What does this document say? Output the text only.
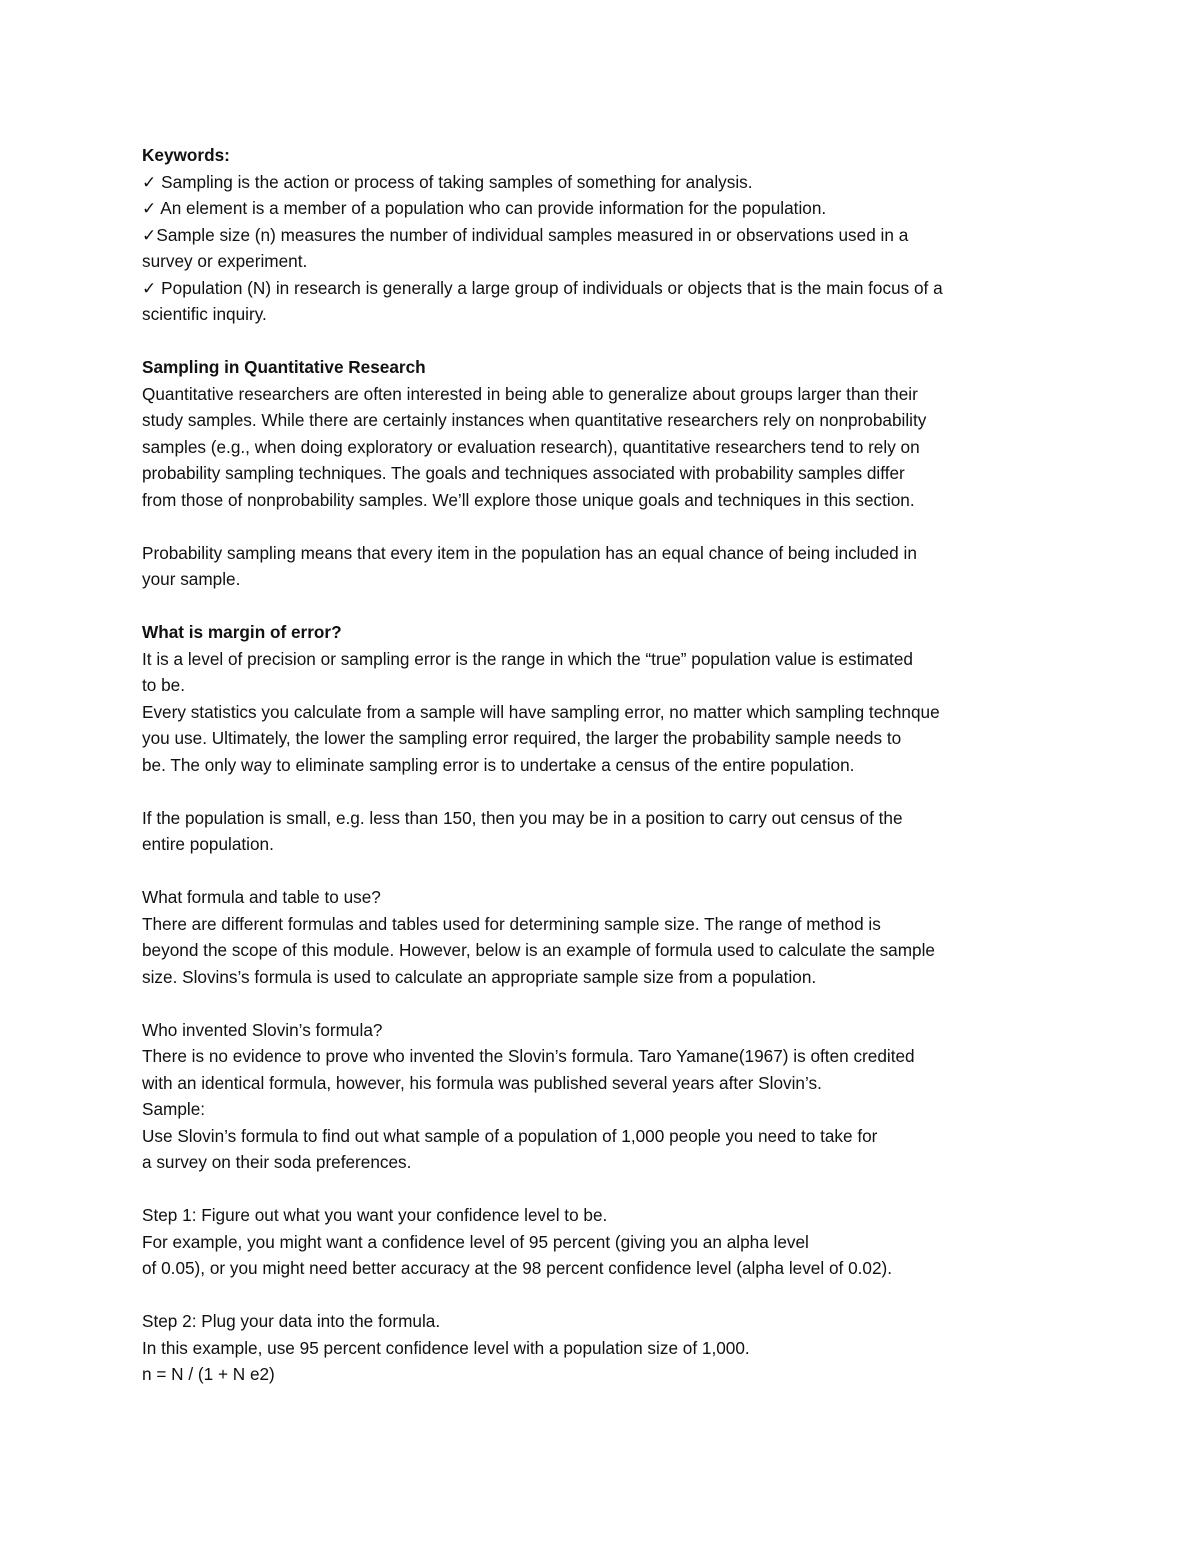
Keywords:
✓ Sampling is the action or process of taking samples of something for analysis.
✓ An element is a member of a population who can provide information for the population.
✓Sample size (n) measures the number of individual samples measured in or observations used in a
survey or experiment.
✓ Population (N) in research is generally a large group of individuals or objects that is the main focus of a
scientific inquiry.
Sampling in Quantitative Research
Quantitative researchers are often interested in being able to generalize about groups larger than their
study samples. While there are certainly instances when quantitative researchers rely on nonprobability
samples (e.g., when doing exploratory or evaluation research), quantitative researchers tend to rely on
probability sampling techniques. The goals and techniques associated with probability samples differ
from those of nonprobability samples. We’ll explore those unique goals and techniques in this section.
Probability sampling means that every item in the population has an equal chance of being included in
your sample.
What is margin of error?
It is a level of precision or sampling error is the range in which the “true” population value is estimated
to be.
Every statistics you calculate from a sample will have sampling error, no matter which sampling technque
you use. Ultimately, the lower the sampling error required, the larger the probability sample needs to
be. The only way to eliminate sampling error is to undertake a census of the entire population.
If the population is small, e.g. less than 150, then you may be in a position to carry out census of the
entire population.
What formula and table to use?
There are different formulas and tables used for determining sample size. The range of method is
beyond the scope of this module. However, below is an example of formula used to calculate the sample
size. Slovins’s formula is used to calculate an appropriate sample size from a population.
Who invented Slovin’s formula?
There is no evidence to prove who invented the Slovin’s formula. Taro Yamane(1967) is often credited
with an identical formula, however, his formula was published several years after Slovin’s.
Sample:
Use Slovin’s formula to find out what sample of a population of 1,000 people you need to take for
a survey on their soda preferences.
Step 1: Figure out what you want your confidence level to be.
For example, you might want a confidence level of 95 percent (giving you an alpha level
of 0.05), or you might need better accuracy at the 98 percent confidence level (alpha level of 0.02).
Step 2: Plug your data into the formula.
In this example, use 95 percent confidence level with a population size of 1,000.
n = N / (1 + N e2)
